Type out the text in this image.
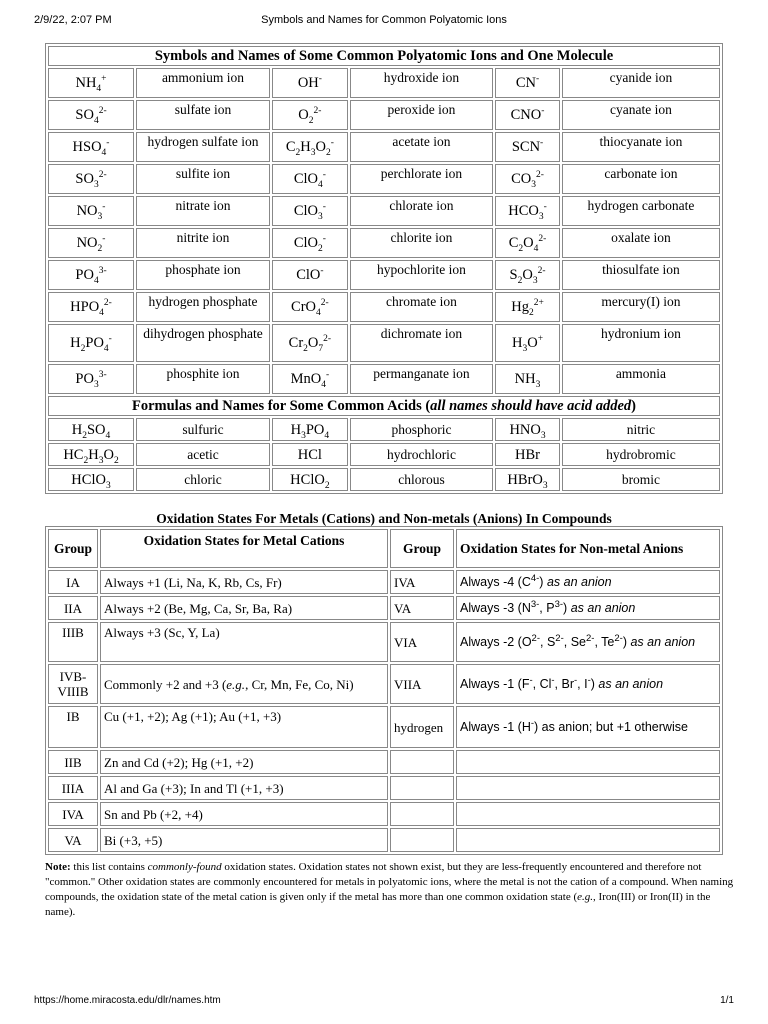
2/9/22, 2:07 PM	Symbols and Names for Common Polyatomic Ions
Symbols and Names of Some Common Polyatomic Ions and One Molecule					
$NH_4^+$	ammonium ion	OH-	hydroxide ion	CN-	cyanide ion
$SO_4^{2-}$	sulfate ion	$O_2^{2-}$	peroxide ion	CNO-	cyanate ion
$HSO_4^-$	hydrogen sulfate ion	$C_2H_3O_2^-$	acetate ion	SCN-	thiocyanate ion
$SO_3^{2-}$	sulfite ion	ClO$_4$-	perchlorate ion	$CO_3^{2-}$	carbonate ion
$NO_3^-$	nitrate ion	ClO$_3$-	chlorate ion	$HCO_3^-$	hydrogen carbonate
$NO_2^-$	nitrite ion	ClO$_2$-	chlorite ion	$C_2O_4^{2-}$	oxalate ion
$PO_4^{3-}$	phosphate ion	ClO-	hypochlorite ion	$S_2O_3^{2-}$	thiosulfate ion
$HPO_4^{2-}$	hydrogen phosphate	CrO$_4^{2-}$	chromate ion	$Hg_2^{2+}$	mercury(I) ion
$H_2PO_4^-$	dihydrogen phosphate	$Cr_2O_7^{2-}$	dichromate ion	$H_3O^+$	hydronium ion
$PO_3^{3-}$	phosphite ion	MnO$_4$-	permanganate ion	$NH_3$	ammonia
Formulas and Names for Some Common Acids (all names should have acid added)					
$H_2SO_4$	sulfuric	$H_3PO_4$	phosphoric	$HNO_3$	nitric
$HC_2H_3O_2$	acetic	HCl	hydrochloric	HBr	hydrobromic
HClO$_3$	chloric	HClO$_2$	chlorous	HBrO$_3$	bromic
Oxidation States For Metals (Cations) and Non-metals (Anions) In Compounds
Group	Oxidation States for Metal Cations	Group	Oxidation States for Non-metal Anions
IA	Always +1 (Li, Na, K, Rb, Cs, Fr)	IVA	Always -4 $(C^{4-})$ as an anion
IIA	Always +2 (Be, Mg, Ca, Sr, Ba, Ra)	VA	Always -3 ($N^{3-}$, $P^{3-}$) as an anion
IIIB	Always +3 (Sc, Y, La)	VIA	Always -2 ($O^{2-}$, $S^{2-}$, $Se^{2-}$, $Te^{2-}$) as an anion
IVB-VIIIB	Commonly +2 and +3 (e.g., Cr, Mn, Fe, Co, Ni)	VIIA	Always -1 (F-, Cl-, Br-, I-) as an anion
IB	Cu (+1, +2); Ag (+1); Au (+1, +3)	hydrogen	Always -1 (H-) as anion; but +1 otherwise
IIB	Zn and Cd (+2); Hg (+1, +2)		
IIIA	Al and Ga (+3); In and Tl (+1, +3)		
IVA	Sn and Pb (+2, +4)		
VA	Bi (+3, +5)		
Note: this list contains commonly-found oxidation states. Oxidation states not shown exist, but they are less-frequently encountered and therefore not "common." Other oxidation states are commonly encountered for metals in polyatomic ions, where the metal is not the cation of a compound. When naming compounds, the oxidation state of the metal cation is given only if the metal has more than one common oxidation state (e.g., Iron(III) or Iron(II) in the name).
https://home.miracosta.edu/dlr/names.htm	1/1
